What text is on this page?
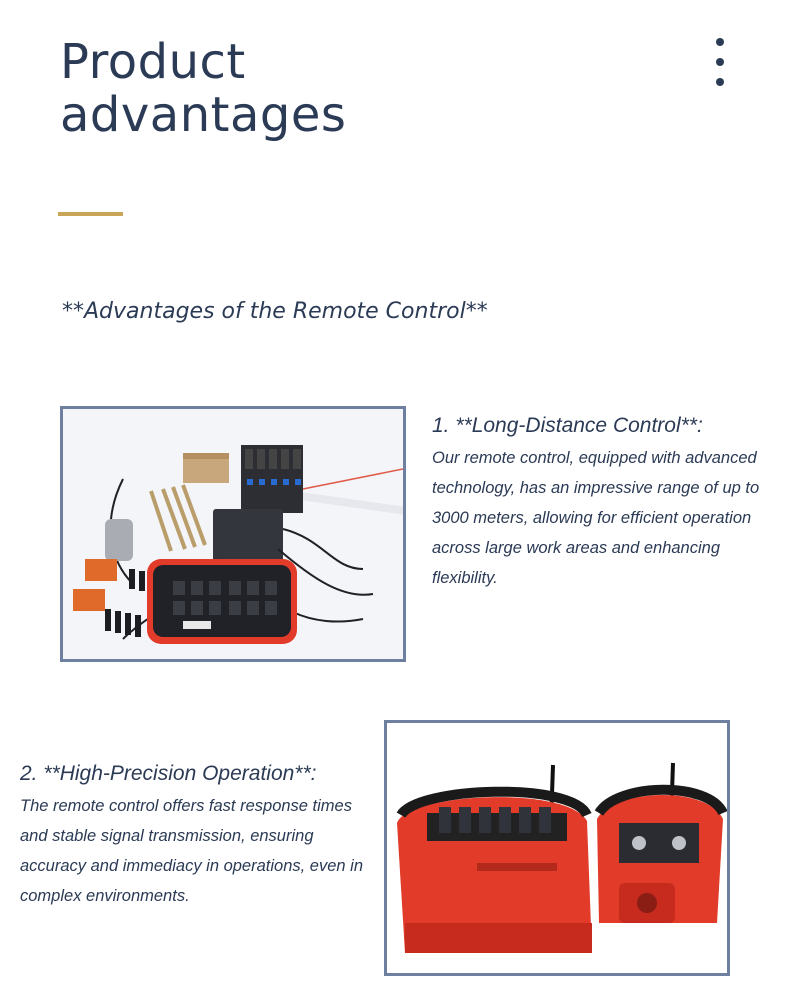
Product
advantages
**Advantages of the Remote Control**
1. **Long-Distance Control**:

Our remote control, equipped with advanced technology, has an impressive range of up to 3000 meters, allowing for efficient operation across large work areas and enhancing flexibility.

2. **High-Precision Operation**:

The remote control offers fast response times and stable signal transmission, ensuring accuracy and immediacy in operations, even in complex environments.
